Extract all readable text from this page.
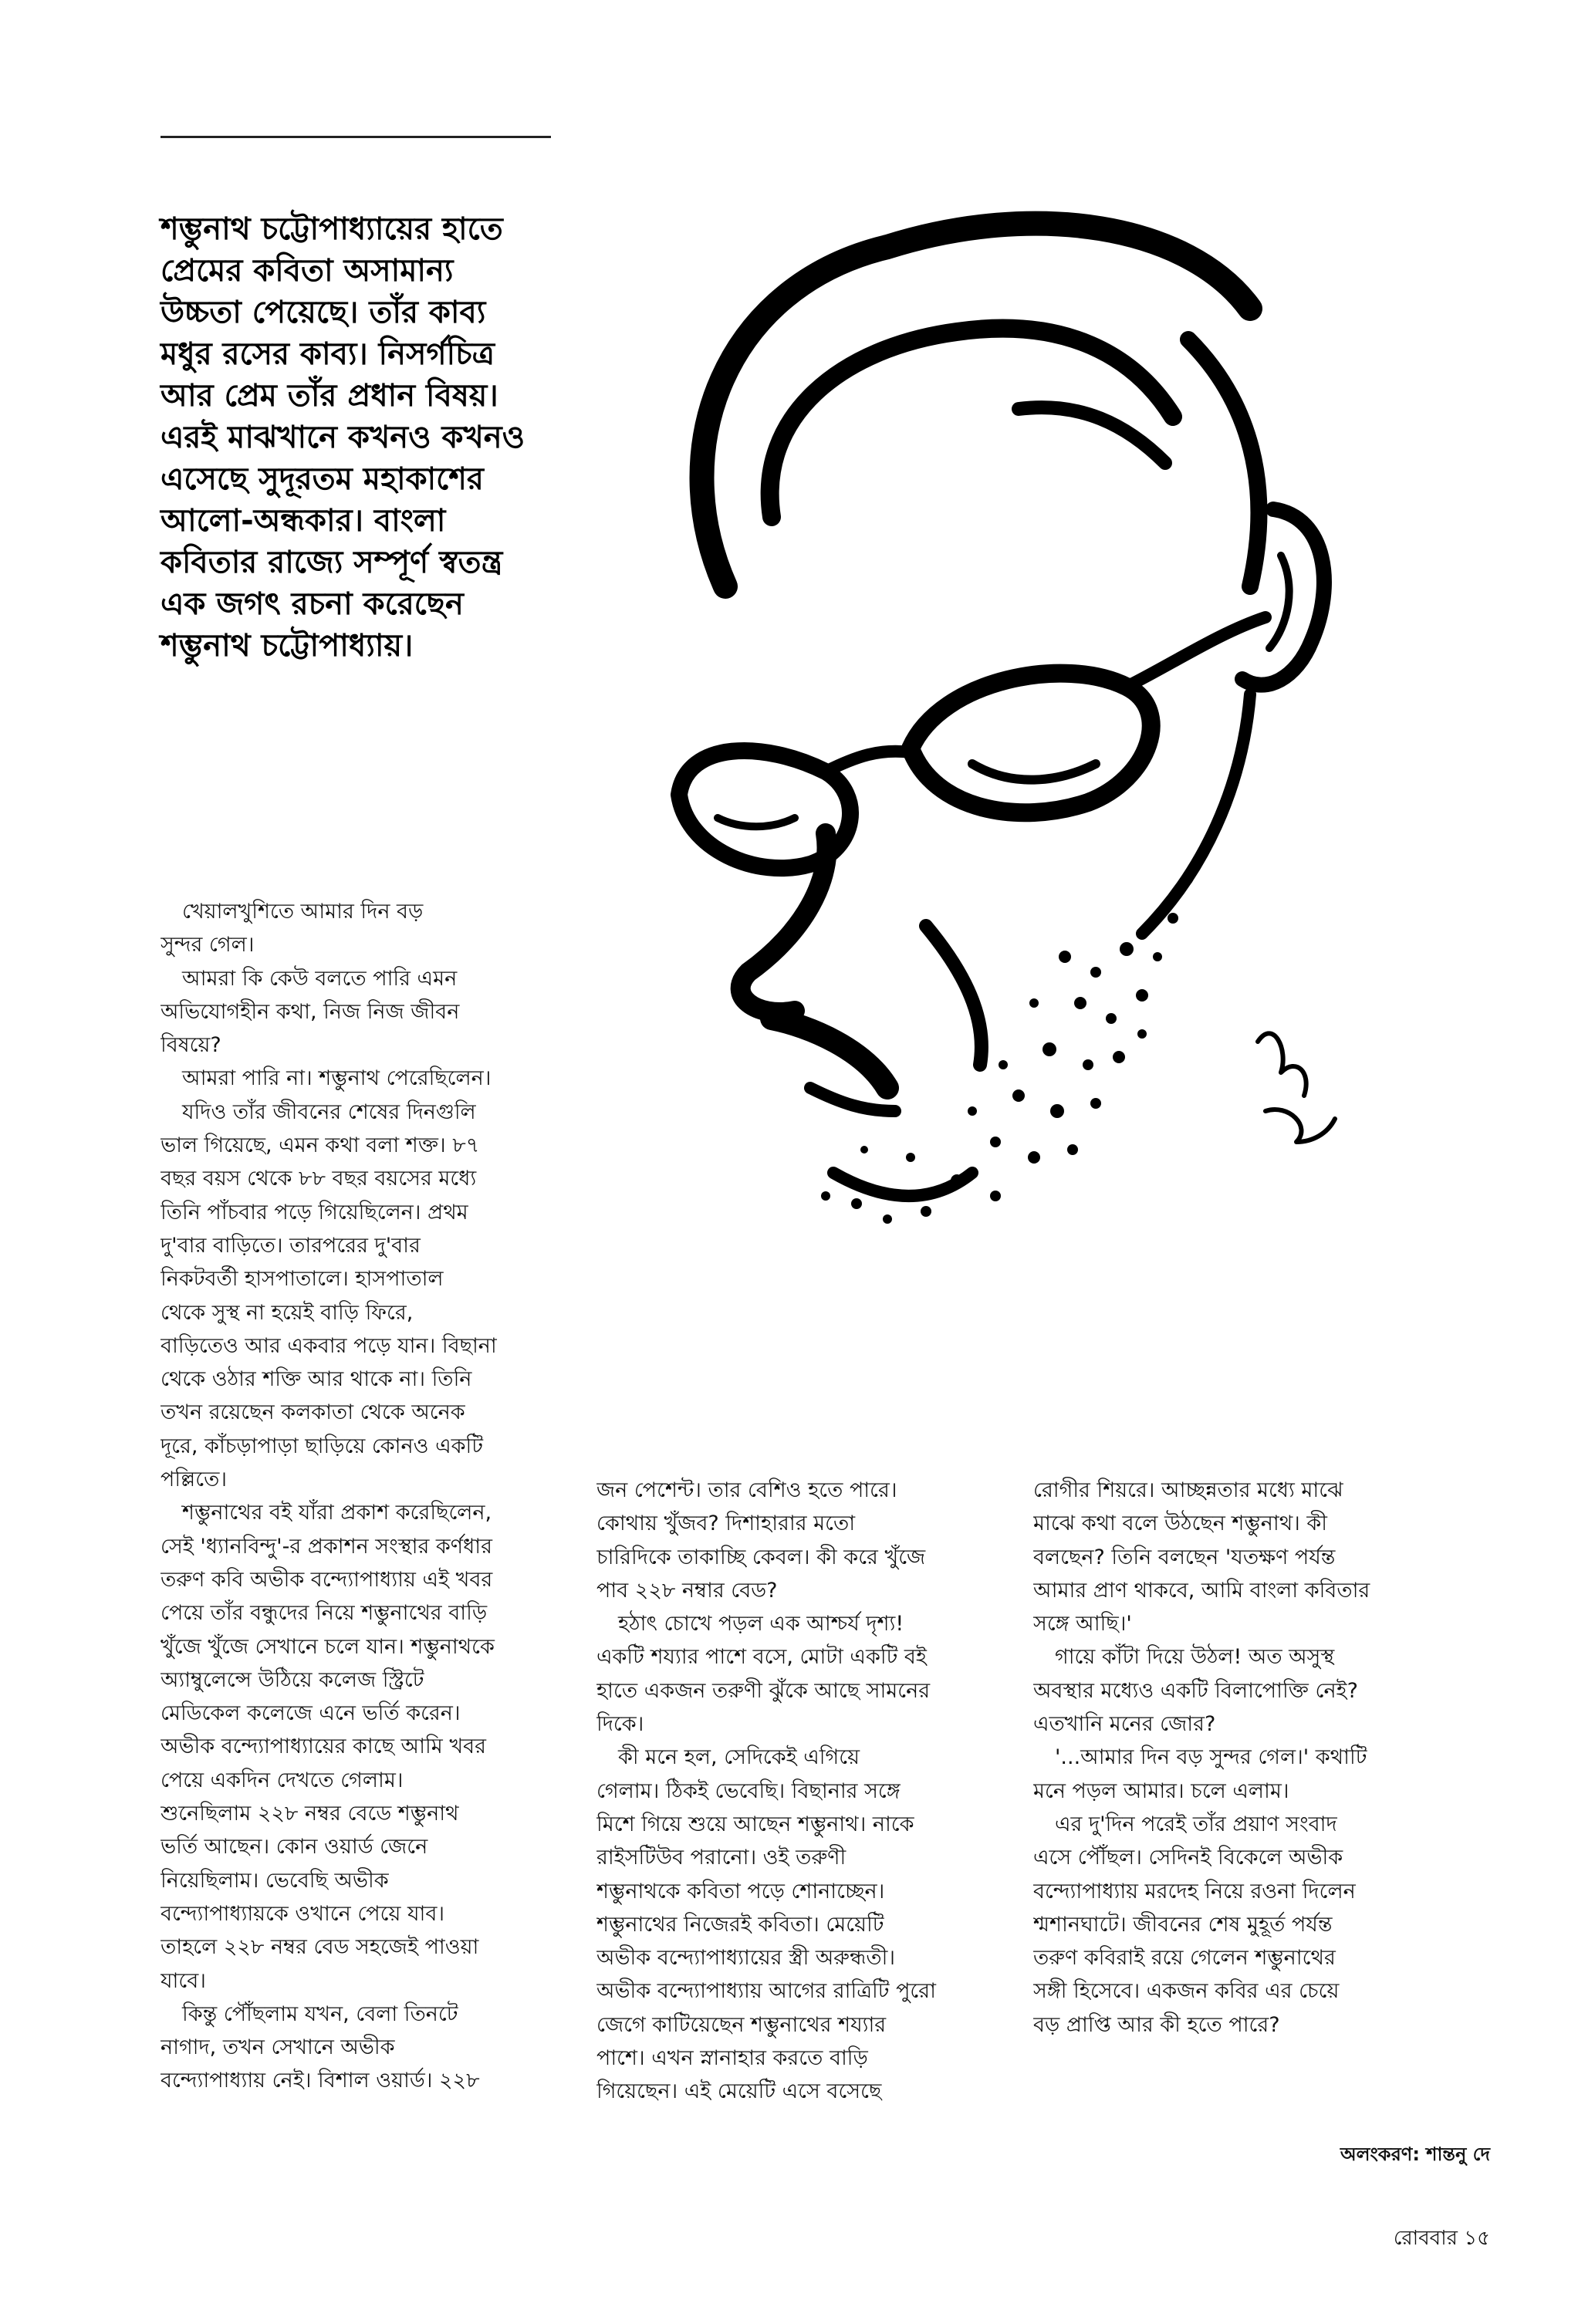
শম্ভুনাথ চট্টোপাধ্যায়ের হাতে
প্রেমের কবিতা অসামান্য
উচ্চতা পেয়েছে। তাঁর কাব্য
মধুর রসের কাব্য। নিসর্গচিত্র
আর প্রেম তাঁর প্রধান বিষয়।
এরই মাঝখানে কখনও কখনও
এসেছে সুদূরতম মহাকাশের
আলো-অন্ধকার। বাংলা
কবিতার রাজ্যে সম্পূর্ণ স্বতন্ত্র
এক জগৎ রচনা করেছেন
শম্ভুনাথ চট্টোপাধ্যায়।
খেয়ালখুশিতে আমার দিন বড়
সুন্দর গেল।
আমরা কি কেউ বলতে পারি এমন
অভিযোগহীন কথা, নিজ নিজ জীবন
বিষয়ে?
আমরা পারি না। শম্ভুনাথ পেরেছিলেন।
যদিও তাঁর জীবনের শেষের দিনগুলি
ভাল গিয়েছে, এমন কথা বলা শক্ত। ৮৭
বছর বয়স থেকে ৮৮ বছর বয়সের মধ্যে
তিনি পাঁচবার পড়ে গিয়েছিলেন। প্রথম
দু'বার বাড়িতে। তারপরের দু'বার
নিকটবর্তী হাসপাতালে। হাসপাতাল
থেকে সুস্থ না হয়েই বাড়ি ফিরে,
বাড়িতেও আর একবার পড়ে যান। বিছানা
থেকে ওঠার শক্তি আর থাকে না। তিনি
তখন রয়েছেন কলকাতা থেকে অনেক
দূরে, কাঁচড়াপাড়া ছাড়িয়ে কোনও একটি
পল্লিতে।
শম্ভুনাথের বই যাঁরা প্রকাশ করেছিলেন,
সেই 'ধ্যানবিন্দু'-র প্রকাশন সংস্থার কর্ণধার
তরুণ কবি অভীক বন্দ্যোপাধ্যায় এই খবর
পেয়ে তাঁর বন্ধুদের নিয়ে শম্ভুনাথের বাড়ি
খুঁজে খুঁজে সেখানে চলে যান। শম্ভুনাথকে
অ্যাম্বুলেন্সে উঠিয়ে কলেজ স্ট্রিটে
মেডিকেল কলেজে এনে ভর্তি করেন।
অভীক বন্দ্যোপাধ্যায়ের কাছে আমি খবর
পেয়ে একদিন দেখতে গেলাম।
শুনেছিলাম ২২৮ নম্বর বেডে শম্ভুনাথ
ভর্তি আছেন। কোন ওয়ার্ড জেনে
নিয়েছিলাম। ভেবেছি অভীক
বন্দ্যোপাধ্যায়কে ওখানে পেয়ে যাব।
তাহলে ২২৮ নম্বর বেড সহজেই পাওয়া
যাবে।
কিন্তু পৌঁছলাম যখন, বেলা তিনটে
নাগাদ, তখন সেখানে অভীক
বন্দ্যোপাধ্যায় নেই। বিশাল ওয়ার্ড। ২২৮
জন পেশেন্ট। তার বেশিও হতে পারে।
কোথায় খুঁজব? দিশাহারার মতো
চারিদিকে তাকাচ্ছি কেবল। কী করে খুঁজে
পাব ২২৮ নম্বার বেড?
হঠাৎ চোখে পড়ল এক আশ্চর্য দৃশ্য!
একটি শয্যার পাশে বসে, মোটা একটি বই
হাতে একজন তরুণী ঝুঁকে আছে সামনের
দিকে।
কী মনে হল, সেদিকেই এগিয়ে
গেলাম। ঠিকই ভেবেছি। বিছানার সঙ্গে
মিশে গিয়ে শুয়ে আছেন শম্ভুনাথ। নাকে
রাইসটিউব পরানো। ওই তরুণী
শম্ভুনাথকে কবিতা পড়ে শোনাচ্ছেন।
শম্ভুনাথের নিজেরই কবিতা। মেয়েটি
অভীক বন্দ্যোপাধ্যায়ের স্ত্রী অরুন্ধতী।
অভীক বন্দ্যোপাধ্যায় আগের রাত্রিটি পুরো
জেগে কাটিয়েছেন শম্ভুনাথের শয্যার
পাশে। এখন স্নানাহার করতে বাড়ি
গিয়েছেন। এই মেয়েটি এসে বসেছে
রোগীর শিয়রে। আচ্ছন্নতার মধ্যে মাঝে
মাঝে কথা বলে উঠছেন শম্ভুনাথ। কী
বলছেন? তিনি বলছেন 'যতক্ষণ পর্যন্ত
আমার প্রাণ থাকবে, আমি বাংলা কবিতার
সঙ্গে আছি।'
গায়ে কাঁটা দিয়ে উঠল! অত অসুস্থ
অবস্থার মধ্যেও একটি বিলাপোক্তি নেই?
এতখানি মনের জোর?
'...আমার দিন বড় সুন্দর গেল।' কথাটি
মনে পড়ল আমার। চলে এলাম।
এর দু'দিন পরেই তাঁর প্রয়াণ সংবাদ
এসে পৌঁছল। সেদিনই বিকেলে অভীক
বন্দ্যোপাধ্যায় মরদেহ নিয়ে রওনা দিলেন
শ্মশানঘাটে। জীবনের শেষ মুহূর্ত পর্যন্ত
তরুণ কবিরাই রয়ে গেলেন শম্ভুনাথের
সঙ্গী হিসেবে। একজন কবির এর চেয়ে
বড় প্রাপ্তি আর কী হতে পারে?
অলংকরণ: শান্তনু দে
রোববার ১৫
